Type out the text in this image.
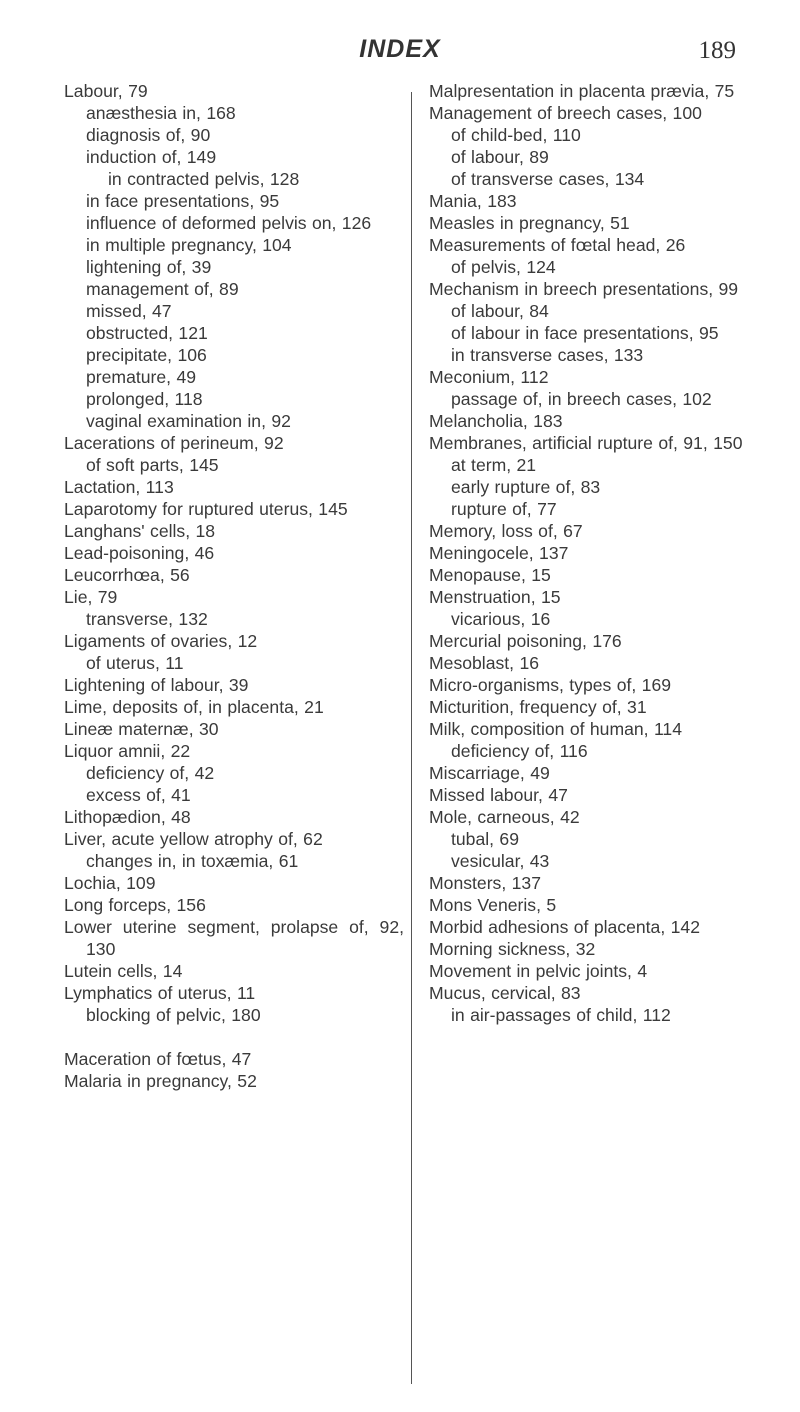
INDEX	189
Labour, 79
anæsthesia in, 168
diagnosis of, 90
induction of, 149
in contracted pelvis, 128
in face presentations, 95
influence of deformed pelvis on, 126
in multiple pregnancy, 104
lightening of, 39
management of, 89
missed, 47
obstructed, 121
precipitate, 106
premature, 49
prolonged, 118
vaginal examination in, 92
Lacerations of perineum, 92
of soft parts, 145
Lactation, 113
Laparotomy for ruptured uterus, 145
Langhans' cells, 18
Lead-poisoning, 46
Leucorrhœa, 56
Lie, 79
transverse, 132
Ligaments of ovaries, 12
of uterus, 11
Lightening of labour, 39
Lime, deposits of, in placenta, 21
Lineæ maternæ, 30
Liquor amnii, 22
deficiency of, 42
excess of, 41
Lithopædion, 48
Liver, acute yellow atrophy of, 62
changes in, in toxæmia, 61
Lochia, 109
Long forceps, 156
Lower uterine segment, prolapse of, 92, 130
Lutein cells, 14
Lymphatics of uterus, 11
blocking of pelvic, 180
Maceration of fœtus, 47
Malaria in pregnancy, 52
Malpresentation in placenta prævia, 75
Management of breech cases, 100
of child-bed, 110
of labour, 89
of transverse cases, 134
Mania, 183
Measles in pregnancy, 51
Measurements of fœtal head, 26
of pelvis, 124
Mechanism in breech presentations, 99
of labour, 84
of labour in face presentations, 95
in transverse cases, 133
Meconium, 112
passage of, in breech cases, 102
Melancholia, 183
Membranes, artificial rupture of, 91, 150
at term, 21
early rupture of, 83
rupture of, 77
Memory, loss of, 67
Meningocele, 137
Menopause, 15
Menstruation, 15
vicarious, 16
Mercurial poisoning, 176
Mesoblast, 16
Micro-organisms, types of, 169
Micturition, frequency of, 31
Milk, composition of human, 114
deficiency of, 116
Miscarriage, 49
Missed labour, 47
Mole, carneous, 42
tubal, 69
vesicular, 43
Monsters, 137
Mons Veneris, 5
Morbid adhesions of placenta, 142
Morning sickness, 32
Movement in pelvic joints, 4
Mucus, cervical, 83
in air-passages of child, 112
